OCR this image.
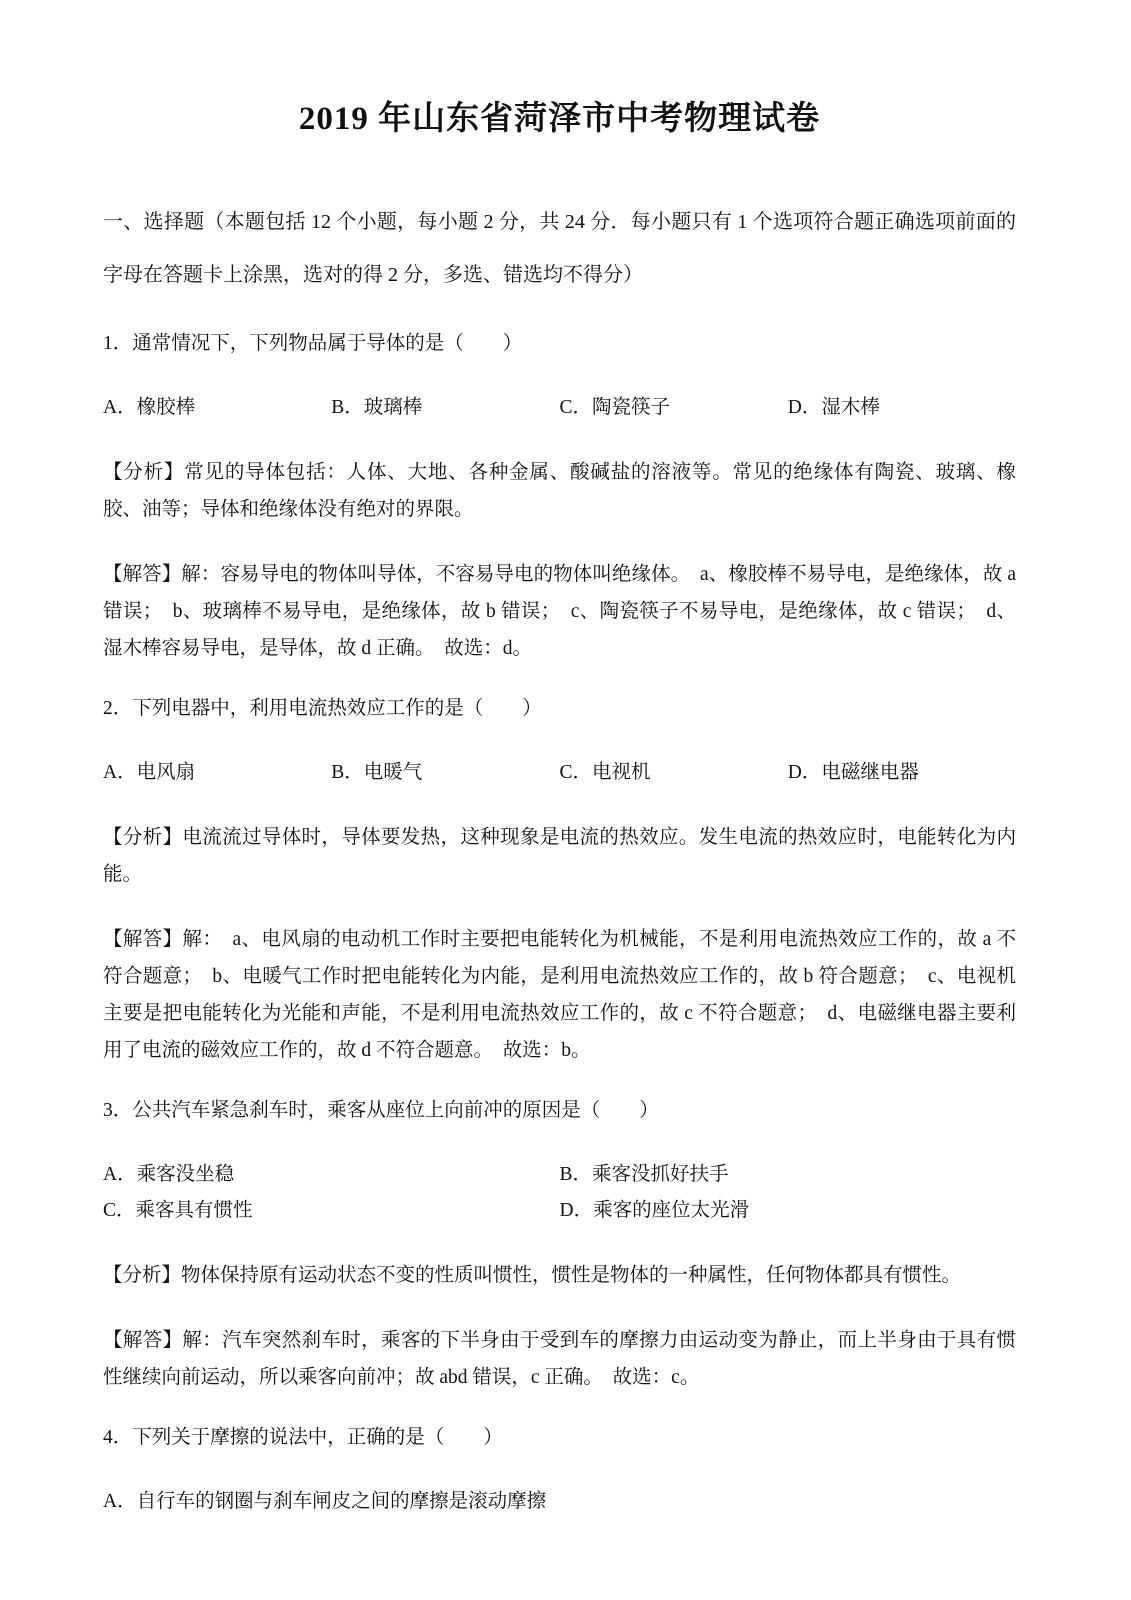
2019 年山东省菏泽市中考物理试卷

一、选择题（本题包括 12 个小题，每小题 2 分，共 24 分．每小题只有 1 个选项符合题正确选项前面的字母在答题卡上涂黑，选对的得 2 分，多选、错选均不得分）

1．通常情况下，下列物品属于导体的是（　　）

A．橡胶棒	B．玻璃棒	C．陶瓷筷子	D．湿木棒

【分析】常见的导体包括：人体、大地、各种金属、酸碱盐的溶液等。常见的绝缘体有陶瓷、玻璃、橡胶、油等；导体和绝缘体没有绝对的界限。

【解答】解：容易导电的物体叫导体，不容易导电的物体叫绝缘体。　a、橡胶棒不易导电，是绝缘体，故 a 错误；　b、玻璃棒不易导电，是绝缘体，故 b 错误；　c、陶瓷筷子不易导电，是绝缘体，故 c 错误；　d、湿木棒容易导电，是导体，故 d 正确。　故选：d。

2．下列电器中，利用电流热效应工作的是（　　）

A．电风扇	B．电暖气	C．电视机	D．电磁继电器

【分析】电流流过导体时，导体要发热，这种现象是电流的热效应。发生电流的热效应时，电能转化为内能。

【解答】解：　a、电风扇的电动机工作时主要把电能转化为机械能，不是利用电流热效应工作的，故 a 不符合题意；　b、电暖气工作时把电能转化为内能，是利用电流热效应工作的，故 b 符合题意；　c、电视机主要是把电能转化为光能和声能，不是利用电流热效应工作的，故 c 不符合题意；　d、电磁继电器主要利用了电流的磁效应工作的，故 d 不符合题意。　故选：b。

3．公共汽车紧急刹车时，乘客从座位上向前冲的原因是（　　）

A．乘客没坐稳	B．乘客没抓好扶手
C．乘客具有惯性	D．乘客的座位太光滑

【分析】物体保持原有运动状态不变的性质叫惯性，惯性是物体的一种属性，任何物体都具有惯性。

【解答】解：汽车突然刹车时，乘客的下半身由于受到车的摩擦力由运动变为静止，而上半身由于具有惯性继续向前运动，所以乘客向前冲；故 abd 错误，c 正确。　故选：c。

4．下列关于摩擦的说法中，正确的是（　　）

A．自行车的钢圈与刹车闸皮之间的摩擦是滚动摩擦
